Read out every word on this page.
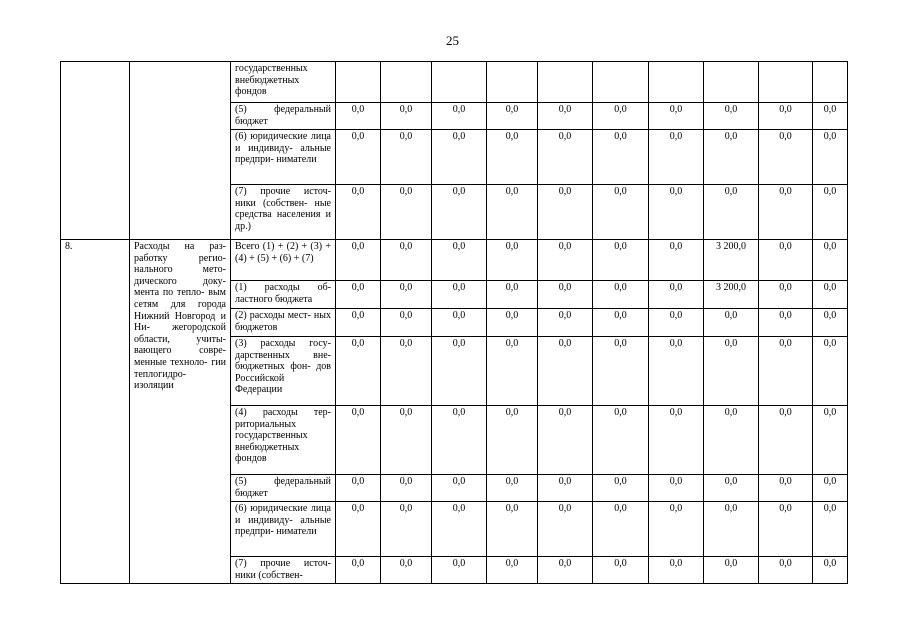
25
		государственных внебюджетных фондов										
		(5) федеральный бюджет	0,0	0,0	0,0	0,0	0,0	0,0	0,0	0,0	0,0	0,0
		(6) юридические лица и индивиду- альные предпри- ниматели	0,0	0,0	0,0	0,0	0,0	0,0	0,0	0,0	0,0	0,0
		(7) прочие источ- ники (собствен- ные средства населения и др.)	0,0	0,0	0,0	0,0	0,0	0,0	0,0	0,0	0,0	0,0
8.	Расходы на раз- работку регио- нального мето- дического доку- мента по тепло- вым сетям для города Нижний Новгород и Ни- жегородской области, учиты- вающего совре- менные техноло- гии теплогидро- изоляции	Всего (1) + (2) + (3) + (4) + (5) + (6) + (7)	0,0	0,0	0,0	0,0	0,0	0,0	0,0	3 200,0	0,0	0,0
		(1) расходы об- ластного бюджета	0,0	0,0	0,0	0,0	0,0	0,0	0,0	3 200,0	0,0	0,0
		(2) расходы мест- ных бюджетов	0,0	0,0	0,0	0,0	0,0	0,0	0,0	0,0	0,0	0,0
		(3) расходы госу- дарственных вне- бюджетных фон- дов Российской Федерации	0,0	0,0	0,0	0,0	0,0	0,0	0,0	0,0	0,0	0,0
		(4) расходы тер- риториальных государственных внебюджетных фондов	0,0	0,0	0,0	0,0	0,0	0,0	0,0	0,0	0,0	0,0
		(5) федеральный бюджет	0,0	0,0	0,0	0,0	0,0	0,0	0,0	0,0	0,0	0,0
		(6) юридические лица и индивиду- альные предпри- ниматели	0,0	0,0	0,0	0,0	0,0	0,0	0,0	0,0	0,0	0,0
		(7) прочие источ- ники (собствен-	0,0	0,0	0,0	0,0	0,0	0,0	0,0	0,0	0,0	0,0
